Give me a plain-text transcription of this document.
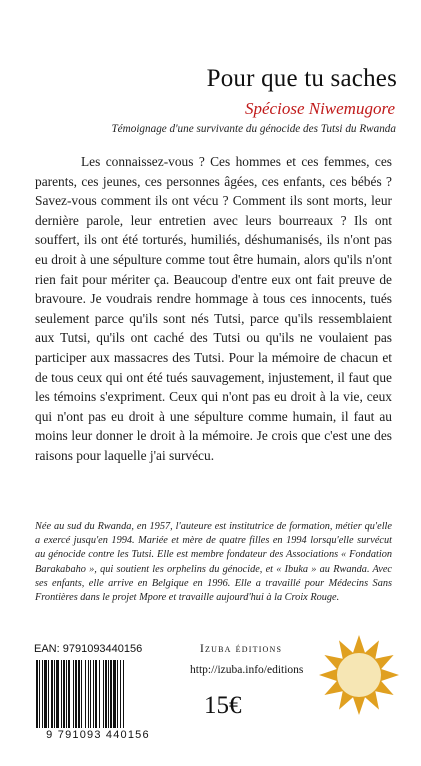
Pour que tu saches
Spéciose Niwemugore
Témoignage d'une survivante du génocide des Tutsi du Rwanda

Les connaissez-vous ? Ces hommes et ces femmes, ces parents, ces jeunes, ces personnes âgées, ces enfants, ces bébés ? Savez-vous comment ils ont vécu ? Comment ils sont morts, leur dernière parole, leur entretien avec leurs bourreaux ? Ils ont souffert, ils ont été torturés, humiliés, déshumanisés, ils n'ont pas eu droit à une sépulture comme tout être humain, alors qu'ils n'ont rien fait pour mériter ça. Beaucoup d'entre eux ont fait preuve de bravoure. Je voudrais rendre hommage à tous ces innocents, tués seulement parce qu'ils sont nés Tutsi, parce qu'ils ressemblaient aux Tutsi, qu'ils ont caché des Tutsi ou qu'ils ne voulaient pas participer aux massacres des Tutsi. Pour la mémoire de chacun et de tous ceux qui ont été tués sauvagement, injustement, il faut que les témoins s'expriment. Ceux qui n'ont pas eu droit à la vie, ceux qui n'ont pas eu droit à une sépulture comme humain, il faut au moins leur donner le droit à la mémoire. Je crois que c'est une des raisons pour laquelle j'ai survécu.

Née au sud du Rwanda, en 1957, l'auteure est institutrice de formation, métier qu'elle a exercé jusqu'en 1994. Mariée et mère de quatre filles en 1994 lorsqu'elle survécut au génocide contre les Tutsi. Elle est membre fondateur des Associations « Fondation Barakabaho », qui soutient les orphelins du génocide, et « Ibuka » au Rwanda. Avec ses enfants, elle arrive en Belgique en 1996. Elle a travaillé pour Médecins Sans Frontières dans le projet Mpore et travaille aujourd'hui à la Croix Rouge.

EAN: 9791093440156
9 791093 440156
Izuba éditions
http://izuba.info/editions
15€
